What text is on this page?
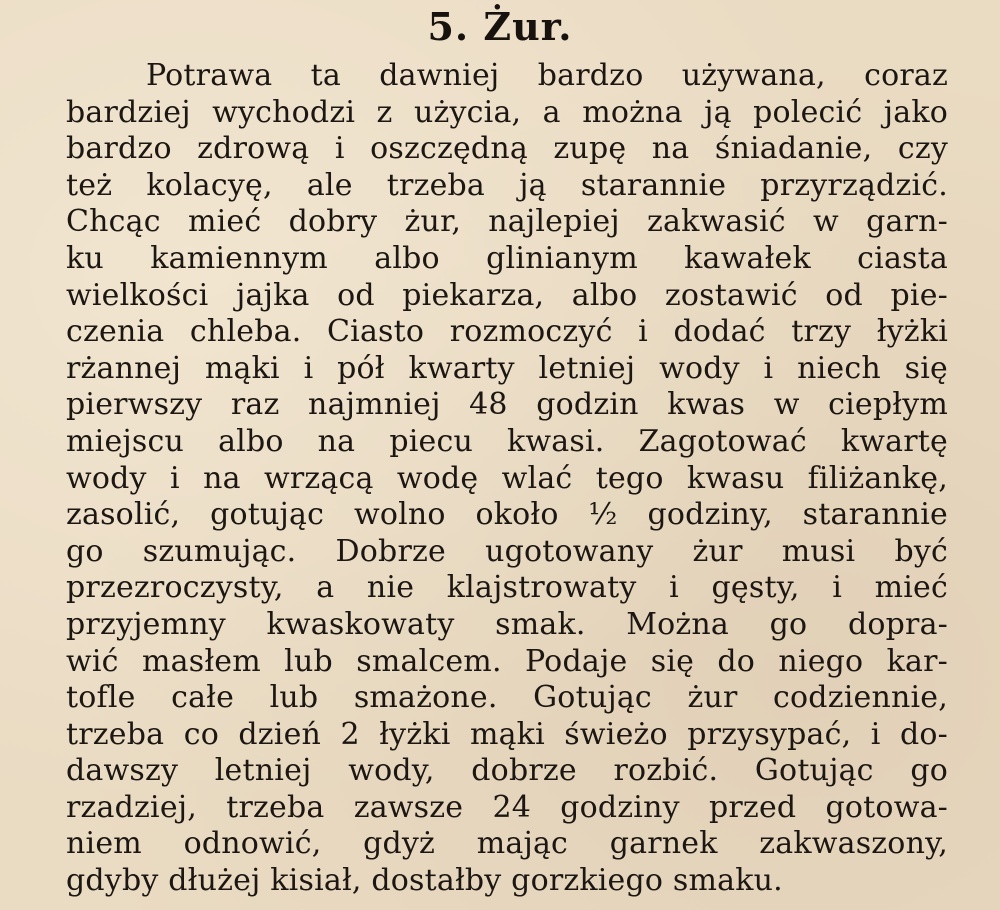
5. Żur.
Potrawa ta dawniej bardzo używana, coraz
bardziej wychodzi z użycia, a można ją polecić jako
bardzo zdrową i oszczędną zupę na śniadanie, czy
też kolacyę, ale trzeba ją starannie przyrządzić.
Chcąc mieć dobry żur, najlepiej zakwasić w garn-
ku kamiennym albo glinianym kawałek ciasta
wielkości jajka od piekarza, albo zostawić od pie-
czenia chleba. Ciasto rozmoczyć i dodać trzy łyżki
rżannej mąki i pół kwarty letniej wody i niech się
pierwszy raz najmniej 48 godzin kwas w ciepłym
miejscu albo na piecu kwasi. Zagotować kwartę
wody i na wrzącą wodę wlać tego kwasu filiżankę,
zasolić, gotując wolno około ½ godziny, starannie
go szumując. Dobrze ugotowany żur musi być
przezroczysty, a nie klajstrowaty i gęsty, i mieć
przyjemny kwaskowaty smak. Można go dopra-
wić masłem lub smalcem. Podaje się do niego kar-
tofle całe lub smażone. Gotując żur codziennie,
trzeba co dzień 2 łyżki mąki świeżo przysypać, i do-
dawszy letniej wody, dobrze rozbić. Gotując go
rzadziej, trzeba zawsze 24 godziny przed gotowa-
niem odnowić, gdyż mając garnek zakwaszony,
gdyby dłużej kisiał, dostałby gorzkiego smaku.
